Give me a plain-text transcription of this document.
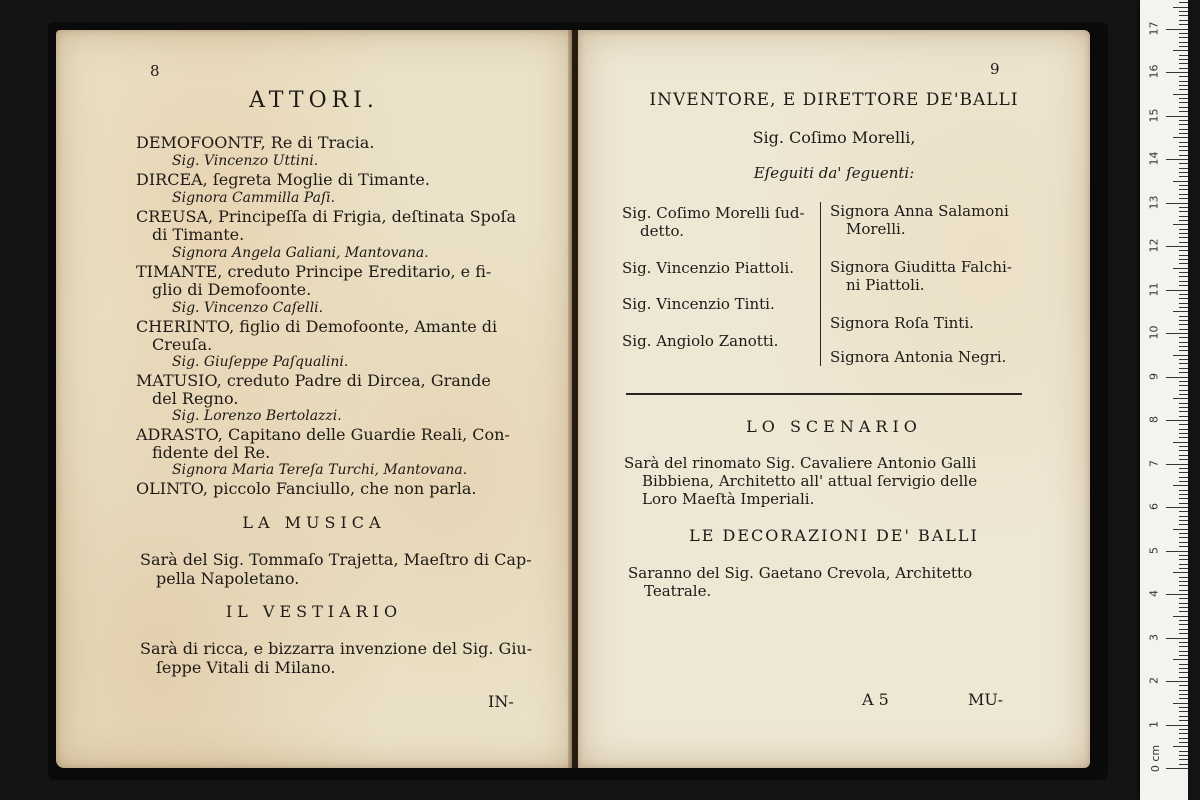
8
ATTORI.
DEMOFOONTF, Re di Tracia.
Sig. Vincenzo Uttini.
DIRCEA, ſegreta Moglie di Timante.
Signora Cammilla Paſi.
CREUSA, Principeſſa di Frigia, deſtinata Spoſa
di Timante.
Signora Angela Galiani, Mantovana.
TIMANTE, creduto Principe Ereditario, e fi-
glio di Demofoonte.
Sig. Vincenzo Caſelli.
CHERINTO, figlio di Demofoonte, Amante di
Creuſa.
Sig. Giuſeppe Paſqualini.
MATUSIO, creduto Padre di Dircea, Grande
del Regno.
Sig. Lorenzo Bertolazzi.
ADRASTO, Capitano delle Guardie Reali, Con-
fidente del Re.
Signora Maria Tereſa Turchi, Mantovana.
OLINTO, piccolo Fanciullo, che non parla.
LA MUSICA
Sarà del Sig. Tommaſo Trajetta, Maeſtro di Cap-
pella Napoletano.
IL VESTIARIO
Sarà di ricca, e bizzarra invenzione del Sig. Giu-
ſeppe Vitali di Milano.
IN-
9
INVENTORE, E DIRETTORE DE'BALLI
Sig. Coſimo Morelli,
Eſeguiti da' ſeguenti:
Sig. Coſimo Morelli ſud-
detto.
Sig. Vincenzio Piattoli.
Sig. Vincenzio Tinti.
Sig. Angiolo Zanotti.
Signora Anna Salamoni
Morelli.
Signora Giuditta Falchi-
ni Piattoli.
Signora Roſa Tinti.
Signora Antonia Negri.
LO SCENARIO
Sarà del rinomato Sig. Cavaliere Antonio Galli
Bibbiena, Architetto all' attual ſervigio delle
Loro Maeſtà Imperiali.
LE DECORAZIONI DE' BALLI
Saranno del Sig. Gaetano Crevola, Architetto
Teatrale.
A 5	MU-
0 cm
1
2
3
4
5
6
7
8
9
10
11
12
13
14
15
16
17
